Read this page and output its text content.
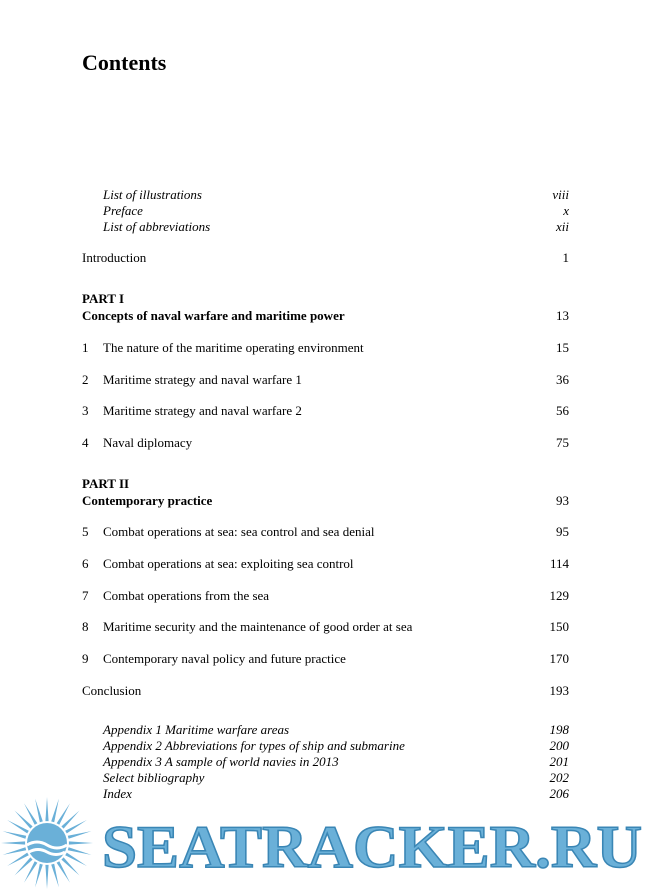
Contents
List of illustrations	viii
Preface	x
List of abbreviations	xii
Introduction	1
PART I
Concepts of naval warfare and maritime power	13
1	The nature of the maritime operating environment	15
2	Maritime strategy and naval warfare 1	36
3	Maritime strategy and naval warfare 2	56
4	Naval diplomacy	75
PART II
Contemporary practice	93
5	Combat operations at sea: sea control and sea denial	95
6	Combat operations at sea: exploiting sea control	114
7	Combat operations from the sea	129
8	Maritime security and the maintenance of good order at sea	150
9	Contemporary naval policy and future practice	170
Conclusion	193
Appendix 1 Maritime warfare areas	198
Appendix 2 Abbreviations for types of ship and submarine	200
Appendix 3 A sample of world navies in 2013	201
Select bibliography	202
Index	206
SEATRACKER.RU
